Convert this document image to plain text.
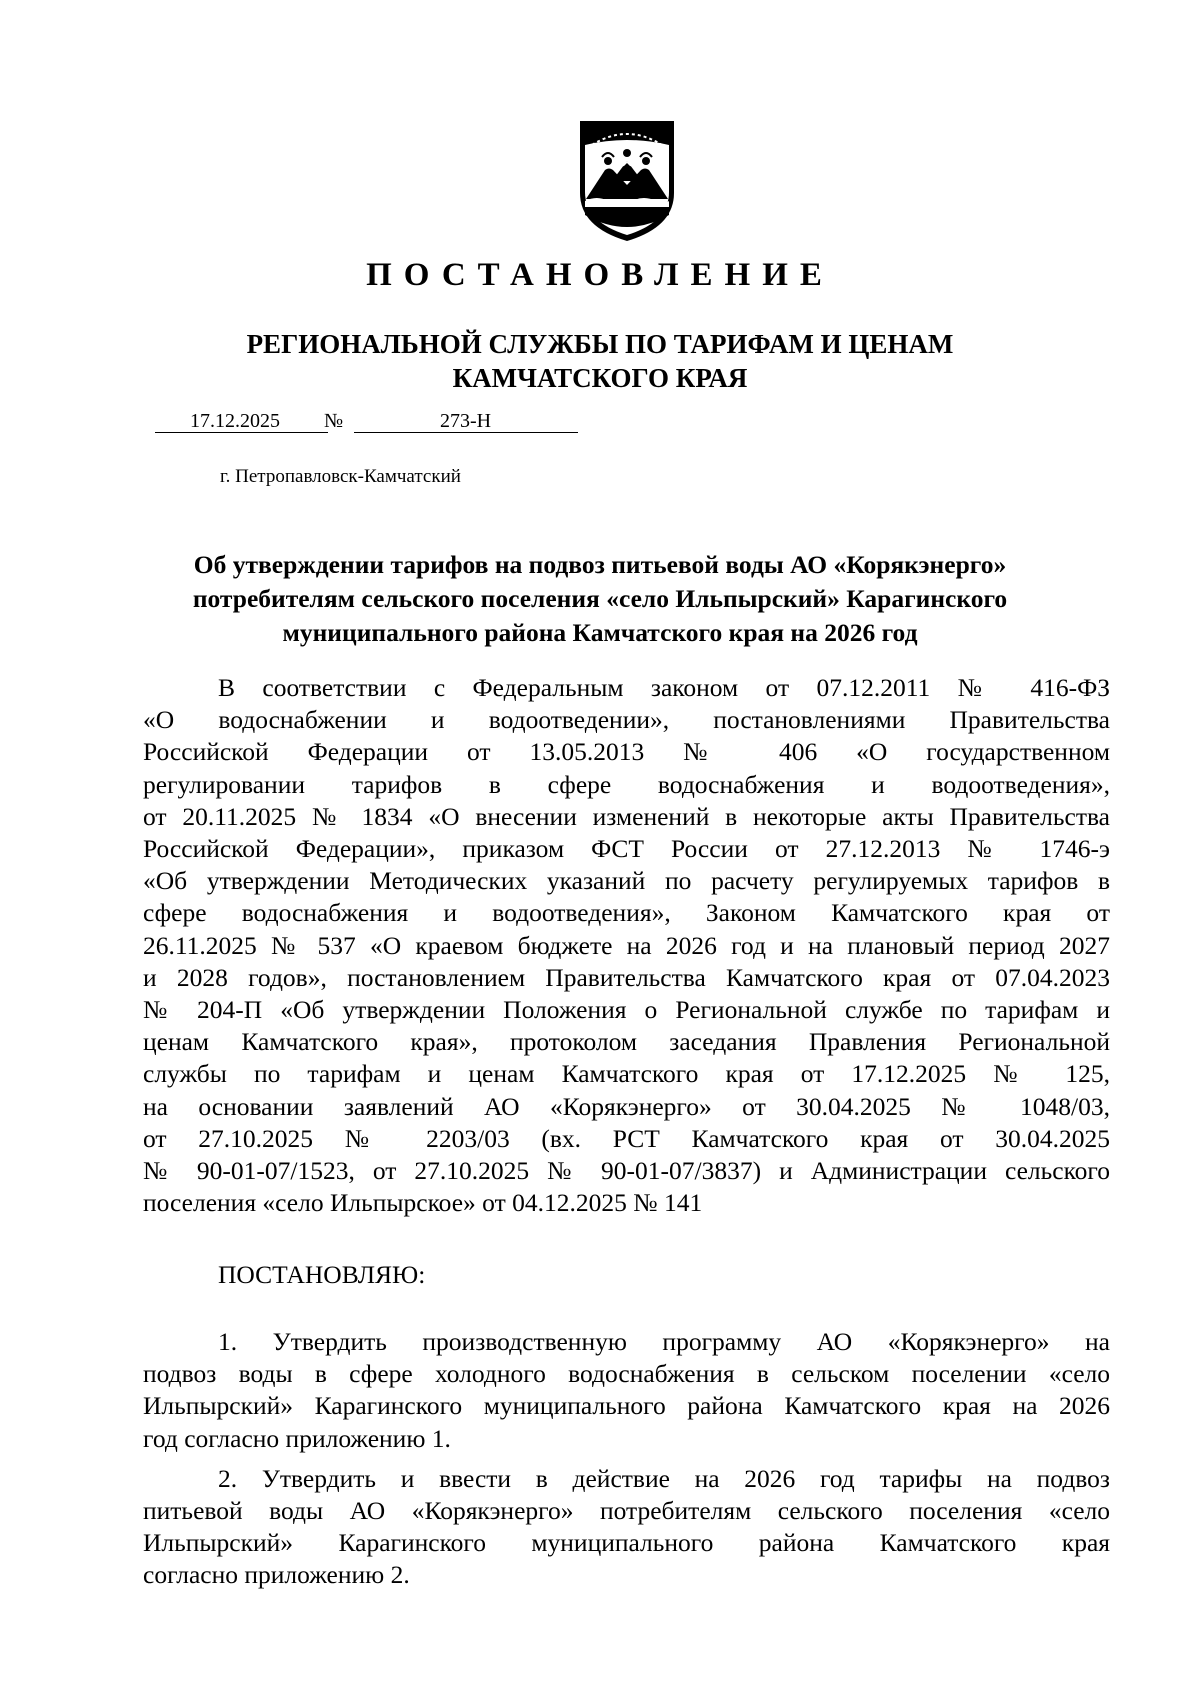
ПОСТАНОВЛЕНИЕ
РЕГИОНАЛЬНОЙ СЛУЖБЫ ПО ТАРИФАМ И ЦЕНАМ
КАМЧАТСКОГО КРАЯ
17.12.2025 №	273-Н
г. Петропавловск-Камчатский
Об утверждении тарифов на подвоз питьевой воды АО «Корякэнерго»
потребителям сельского поселения «село Ильпырский» Карагинского
муниципального района Камчатского края на 2026 год
В соответствии с Федеральным законом от 07.12.2011 № 416-ФЗ
«О водоснабжении и водоотведении», постановлениями Правительства
Российской Федерации от 13.05.2013 № 406 «О государственном
регулировании тарифов в сфере водоснабжения и водоотведения»,
от 20.11.2025 № 1834 «О внесении изменений в некоторые акты Правительства
Российской Федерации», приказом ФСТ России от 27.12.2013 № 1746-э
«Об утверждении Методических указаний по расчету регулируемых тарифов в
сфере водоснабжения и водоотведения», Законом Камчатского края от
26.11.2025 № 537 «О краевом бюджете на 2026 год и на плановый период 2027
и 2028 годов», постановлением Правительства Камчатского края от 07.04.2023
№ 204-П «Об утверждении Положения о Региональной службе по тарифам и
ценам Камчатского края», протоколом заседания Правления Региональной
службы по тарифам и ценам Камчатского края от 17.12.2025 № 125,
на основании заявлений АО «Корякэнерго» от 30.04.2025 № 1048/03,
от 27.10.2025 № 2203/03 (вх. РСТ Камчатского края от 30.04.2025
№ 90-01-07/1523, от 27.10.2025 № 90-01-07/3837) и Администрации сельского
поселения «село Ильпырское» от 04.12.2025 № 141
ПОСТАНОВЛЯЮ:
1. Утвердить производственную программу АО «Корякэнерго» на
подвоз воды в сфере холодного водоснабжения в сельском поселении «село
Ильпырский» Карагинского муниципального района Камчатского края на 2026
год согласно приложению 1.
2. Утвердить и ввести в действие на 2026 год тарифы на подвоз
питьевой воды АО «Корякэнерго» потребителям сельского поселения «село
Ильпырский» Карагинского муниципального района Камчатского края
согласно приложению 2.
